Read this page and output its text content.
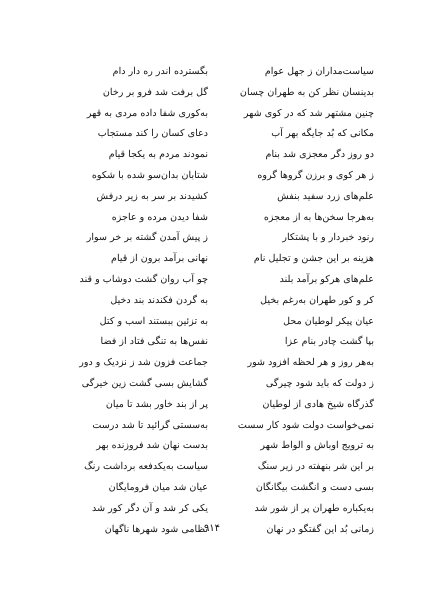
سیاست‌مداران ز جهل عوام
بدینسان نظر کن به طهران چسان
چنین مشتهر شد که در کوی شهر
مکانی که بُد جایگه بهر آب
دو روز دگر معجزی شد بنام
ز هر کوی و برزن گروها گروه
علم‌های زرد سفید بنفش
به‌هرجا سخن‌ها به از معجزه
رنود خبردار و با پشتکار
هزینه بر این جشن و تجلیل نام
علم‌های هرکو برآمد بلند
کر و کور طهران به‌رغم بخیل
عیان پیکر لوطیان محل
بپا گشت چادر بنام عزا
به‌هر روز و هر لحظه افزود شور
ز دولت که باید شود چیرگی
گذرگاه شیخ هادی از لوطیان
نمی‌خواست دولت شود کار سست
به ترویج اوباش و الواط شهر
بر این شر بنهفته در زیر سنگ
بسی دست و انگشت بیگانگان
به‌یکباره طهران پر از شور شد
زمانی بُد این گفتگو در نهان
بگسترده اندر ره دار دام
گل برفت شد فرو بر رخان
به‌کوری شفا داده مردی به قهر
دعای کسان را کند مستجاب
نمودند مردم به یکجا قیام
شتابان بدان‌سو شده با شکوه
کشیدند بر سر به زیر درفش
شفا دیدن مرده و عاجزه
ز پیش آمدن گشته بر خر سوار
نهانی برآمد برون از قیام
چو آب روان گشت دوشاب و قند
به گردن فکندند بند دخیل
به تزئین ببستند اسب و کتل
نفس‌ها به تنگی فتاد از فضا
جماعت فزون شد ز نزدیک و دور
گشایش بسی گشت زین خیرگی
پر از بند خاور بشد تا میان
به‌سستی گرائید تا شد درست
بدست نهان شد فروزنده بهر
سیاست به‌یکدفعه برداشت رنگ
عیان شد میان فرومایگان
یکی کر شد و آن دگر کور شد
نظامی شود شهرها ناگهان
۹۱۴
